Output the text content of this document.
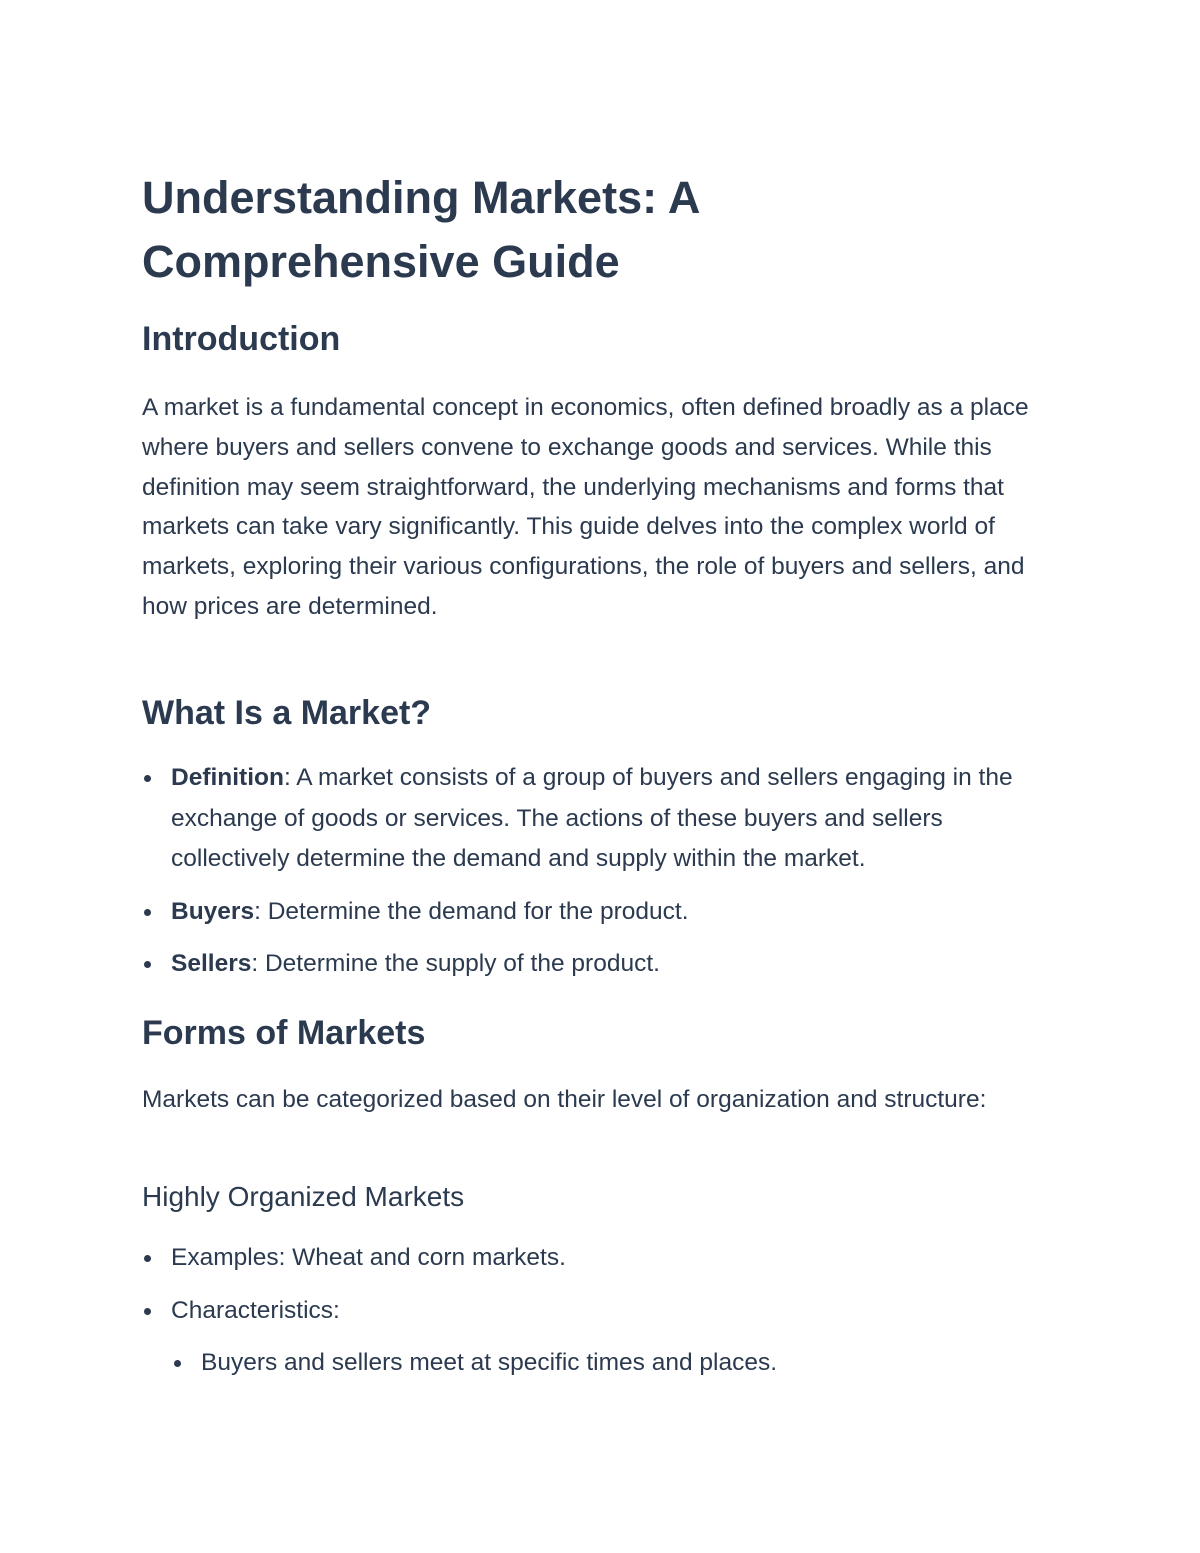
Understanding Markets: A Comprehensive Guide
Introduction

A market is a fundamental concept in economics, often defined broadly as a place where buyers and sellers convene to exchange goods and services. While this definition may seem straightforward, the underlying mechanisms and forms that markets can take vary significantly. This guide delves into the complex world of markets, exploring their various configurations, the role of buyers and sellers, and how prices are determined.

What Is a Market?
Definition: A market consists of a group of buyers and sellers engaging in the exchange of goods or services. The actions of these buyers and sellers collectively determine the demand and supply within the market.
Buyers: Determine the demand for the product.
Sellers: Determine the supply of the product.
Forms of Markets

Markets can be categorized based on their level of organization and structure:

Highly Organized Markets
Examples: Wheat and corn markets.
Characteristics:
Buyers and sellers meet at specific times and places.
